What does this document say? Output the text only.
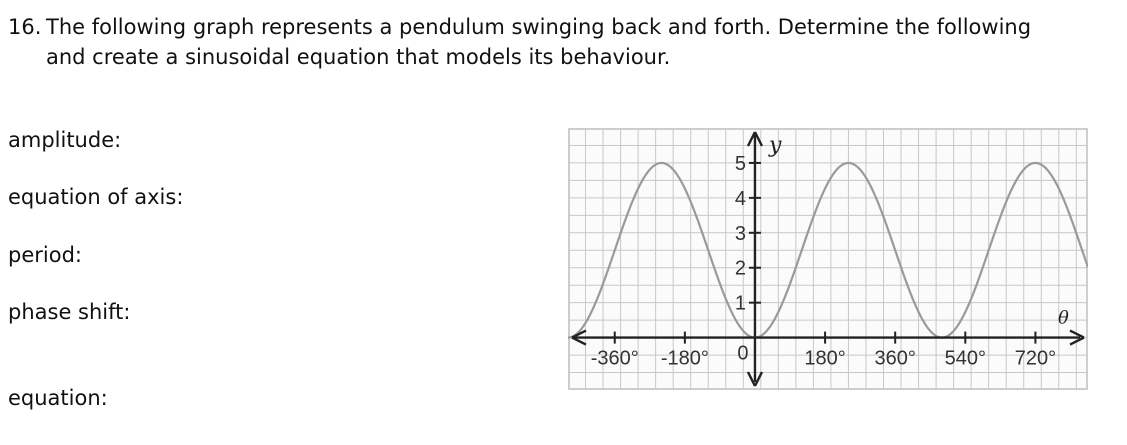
16. The following graph represents a pendulum swinging back and forth. Determine the following
and create a sinusoidal equation that models its behaviour.
amplitude:
equation of axis:
period:
phase shift:
equation:
-360° -180°	180° 360° 540° 720°
0
1
2
3
4
5
y
θ
